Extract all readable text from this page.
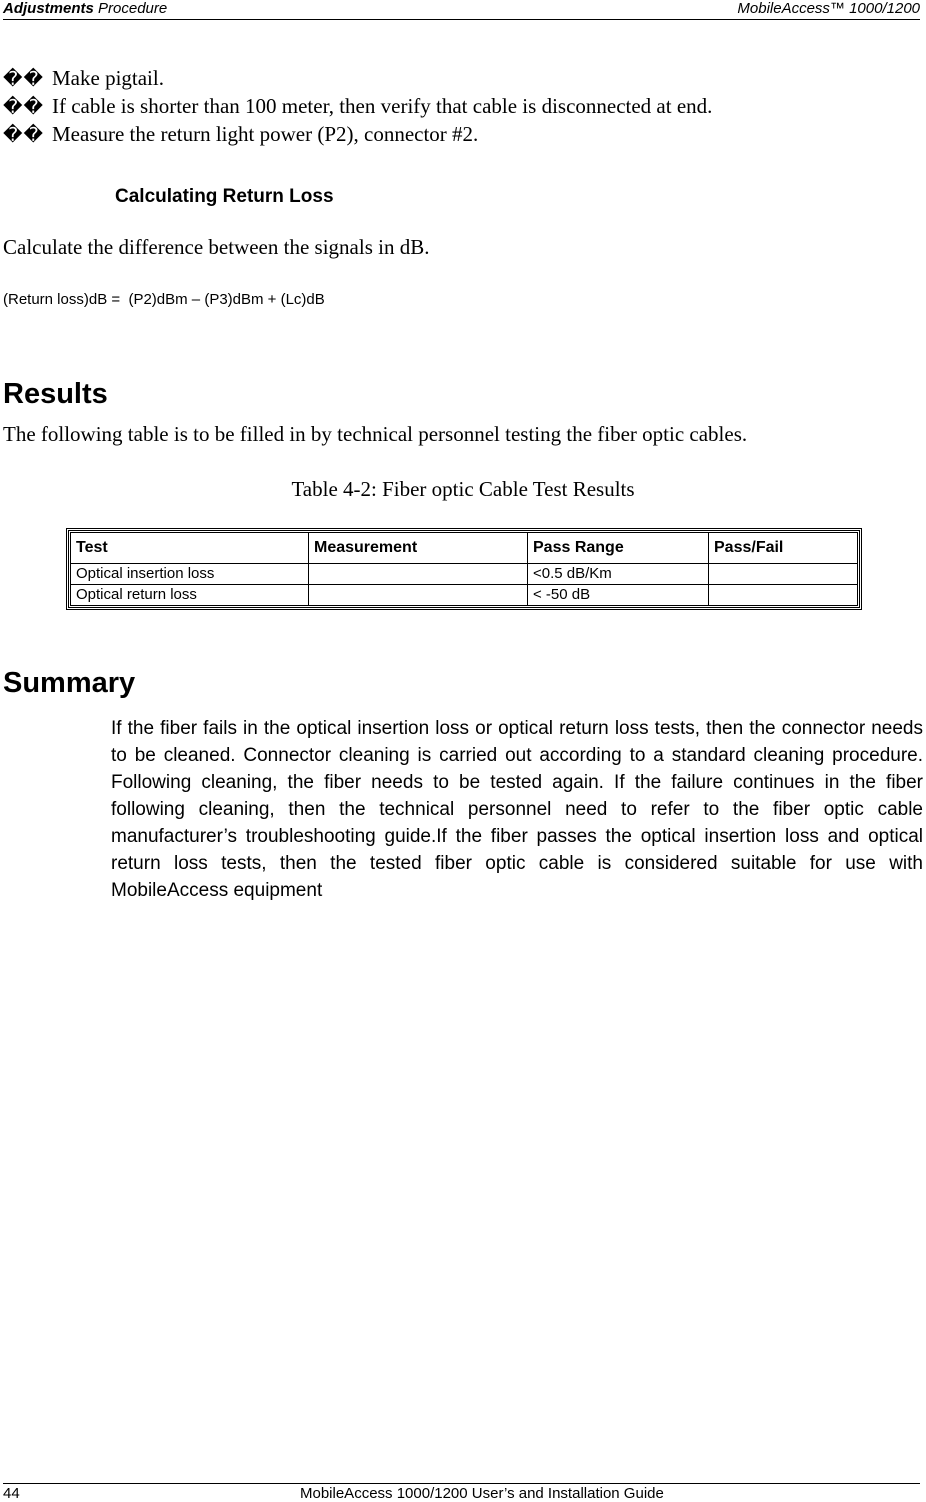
Adjustments Procedure	MobileAccess™ 1000/1200
�� Make pigtail.
�� If cable is shorter than 100 meter, then verify that cable is disconnected at end.
�� Measure the return light power (P2), connector #2.
Calculating Return Loss
Calculate the difference between the signals in dB.
(Return loss)dB =  (P2)dBm – (P3)dBm + (Lc)dB
Results
The following table is to be filled in by technical personnel testing the fiber optic cables.
Table 4-2: Fiber optic Cable Test Results
Test	Measurement	Pass Range	Pass/Fail
Optical insertion loss		<0.5 dB/Km	
Optical return loss		< -50 dB	
Summary
If the fiber fails in the optical insertion loss or optical return loss tests, then the connector needs to be cleaned. Connector cleaning is carried out according to a standard cleaning procedure. Following cleaning, the fiber needs to be tested again. If the failure continues in the fiber following cleaning, then the technical personnel need to refer to the fiber optic cable manufacturer’s troubleshooting guide.If the fiber passes the optical insertion loss and optical return loss tests, then the tested fiber optic cable is considered suitable for use with MobileAccess equipment
44	MobileAccess 1000/1200 User’s and Installation Guide
